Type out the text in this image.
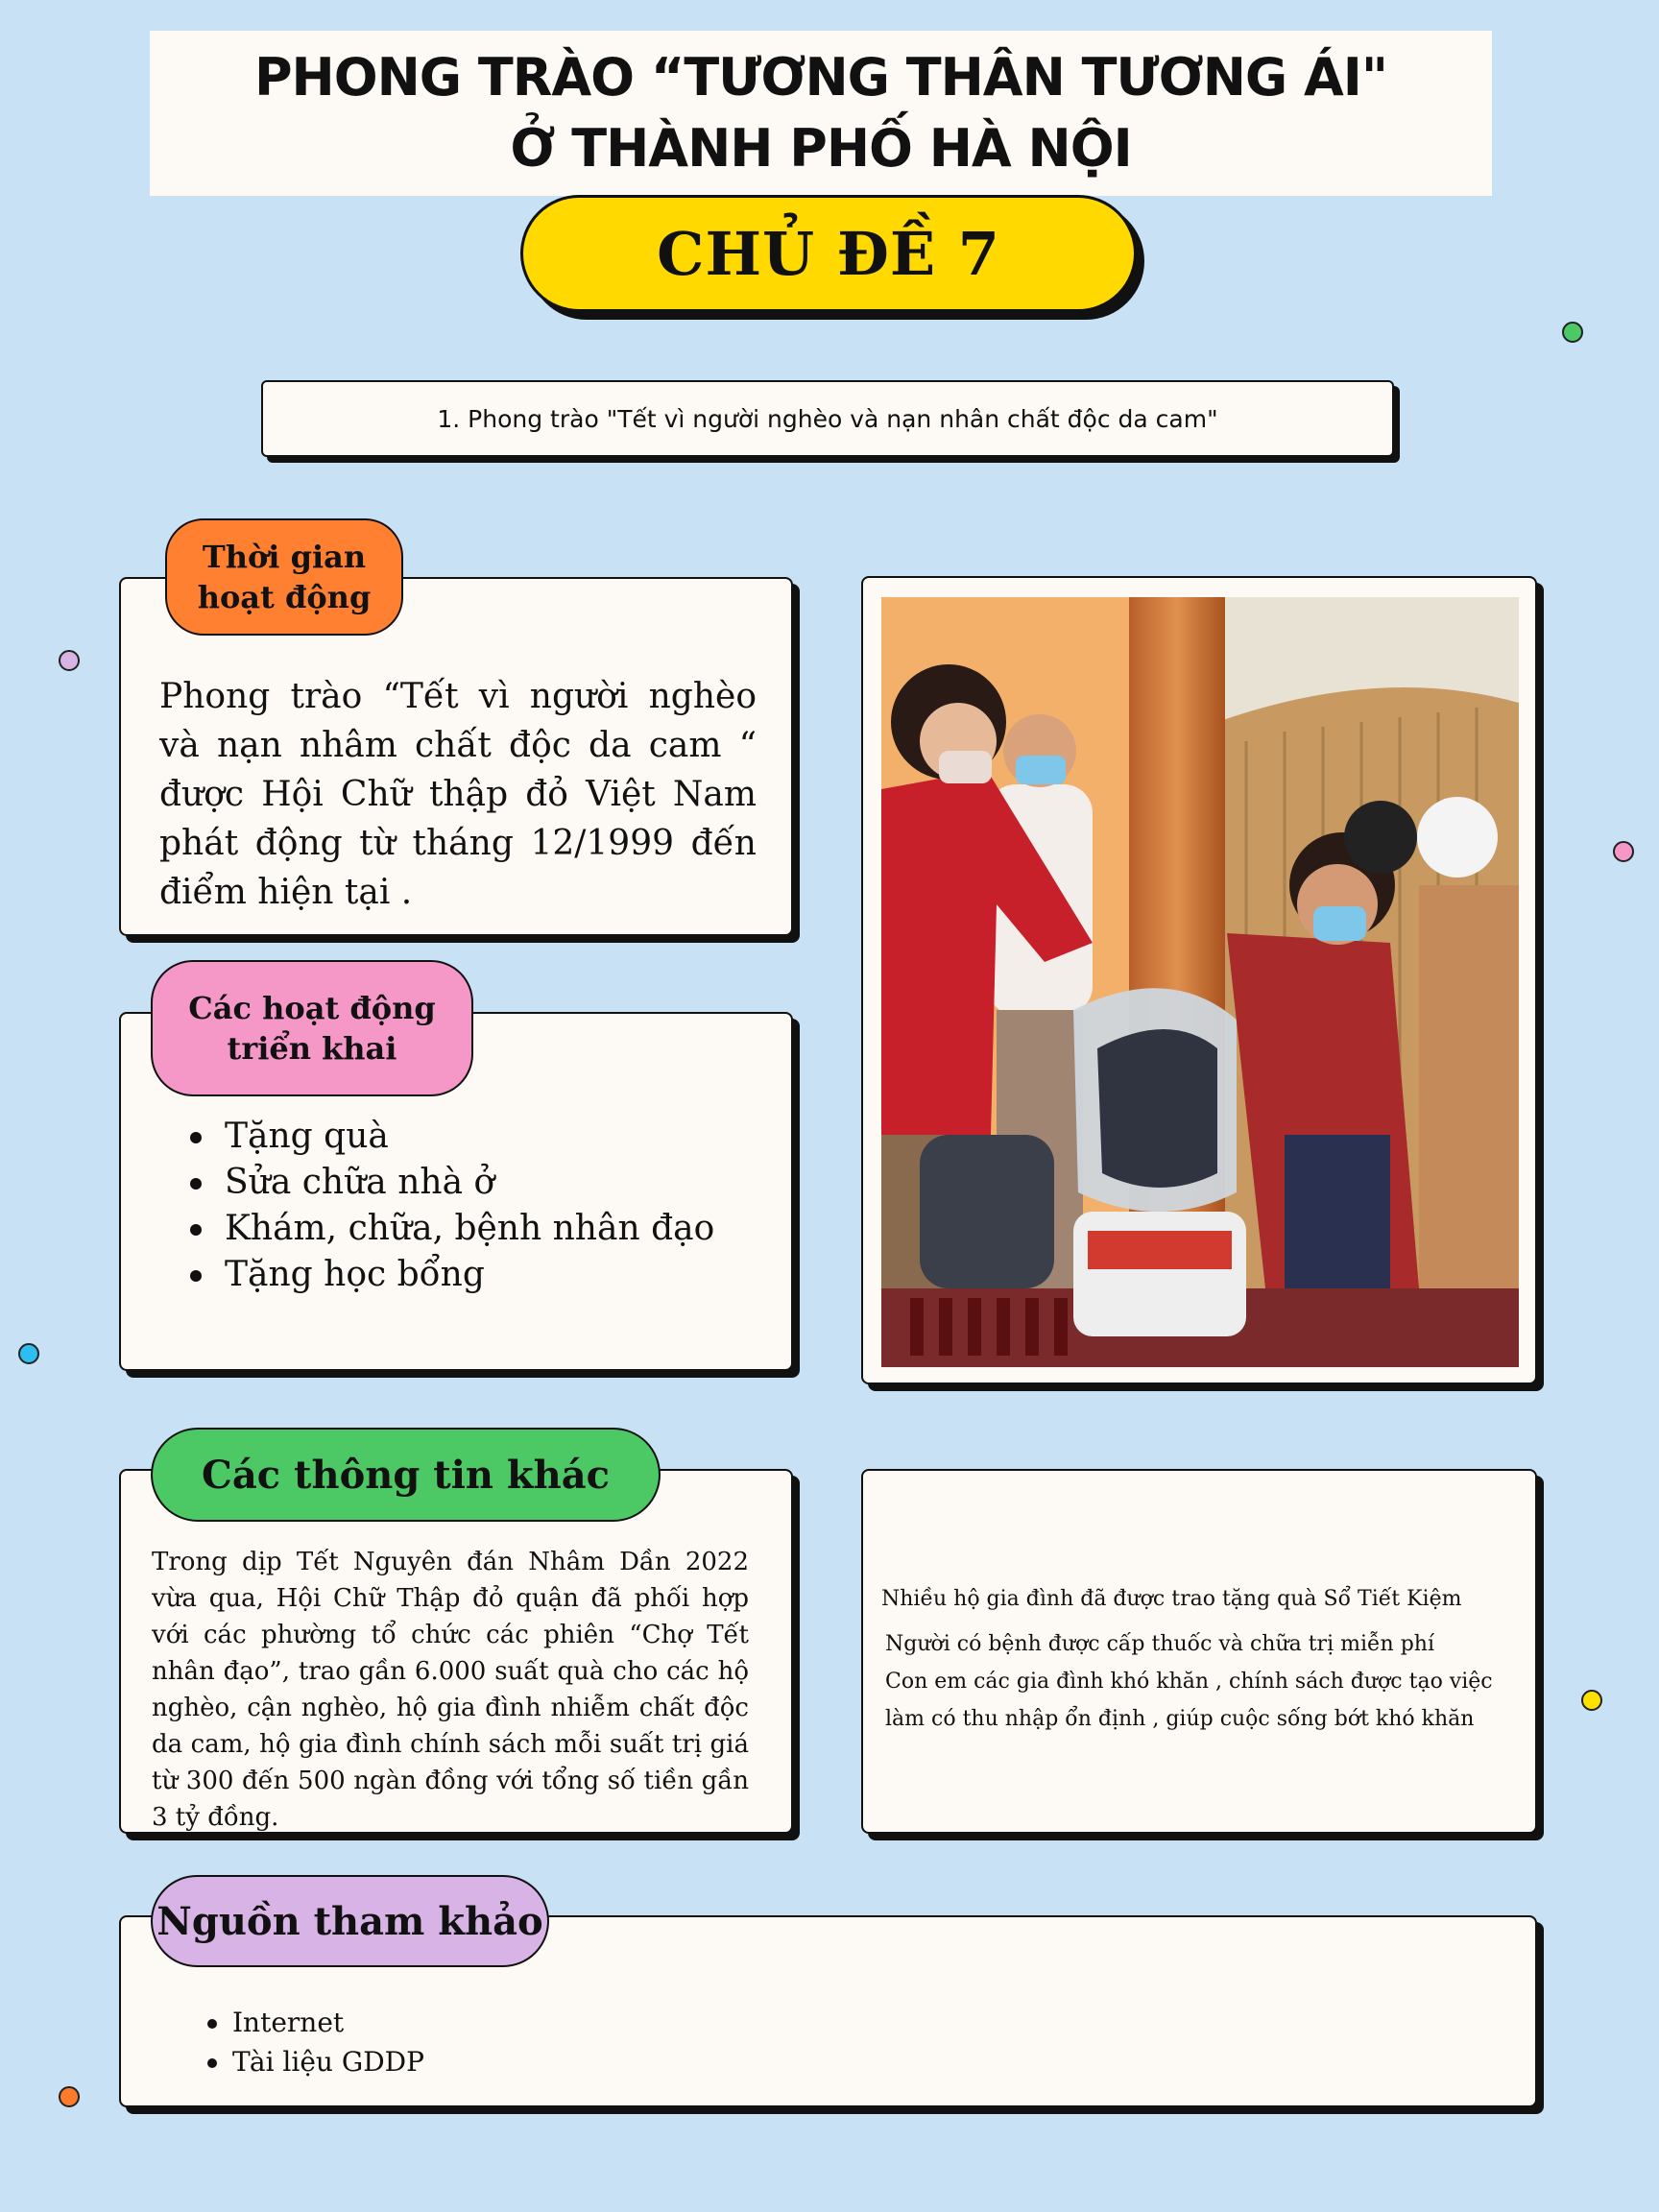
PHONG TRÀO “TƯƠNG THÂN TƯƠNG ÁI"
Ở THÀNH PHỐ HÀ NỘI
CHỦ ĐỀ 7
1. Phong trào "Tết vì người nghèo và nạn nhân chất độc da cam"
Thời gian
hoạt động
Phong trào “Tết vì người nghèo và nạn nhâm chất độc da cam “ được Hội Chữ thập đỏ Việt Nam phát động từ tháng 12/1999 đến điểm hiện tại .
Các hoạt động
triển khai
Tặng quà
Sửa chữa nhà ở
Khám, chữa, bệnh nhân đạo
Tặng học bổng
Các thông tin khác
Trong dịp Tết Nguyên đán Nhâm Dần 2022 vừa qua, Hội Chữ Thập đỏ quận đã phối hợp với các phường tổ chức các phiên “Chợ Tết nhân đạo”, trao gần 6.000 suất quà cho các hộ nghèo, cận nghèo, hộ gia đình nhiễm chất độc da cam, hộ gia đình chính sách mỗi suất trị giá từ 300 đến 500 ngàn đồng với tổng số tiền gần 3 tỷ đồng.
Nhiều hộ gia đình đã được trao tặng quà Sổ Tiết Kiệm
Người có bệnh được cấp thuốc và chữa trị miễn phí
Con em các gia đình khó khăn , chính sách được tạo việc
làm có thu nhập ổn định , giúp cuộc sống bớt khó khăn
Nguồn tham khảo
Internet
Tài liệu GDDP
